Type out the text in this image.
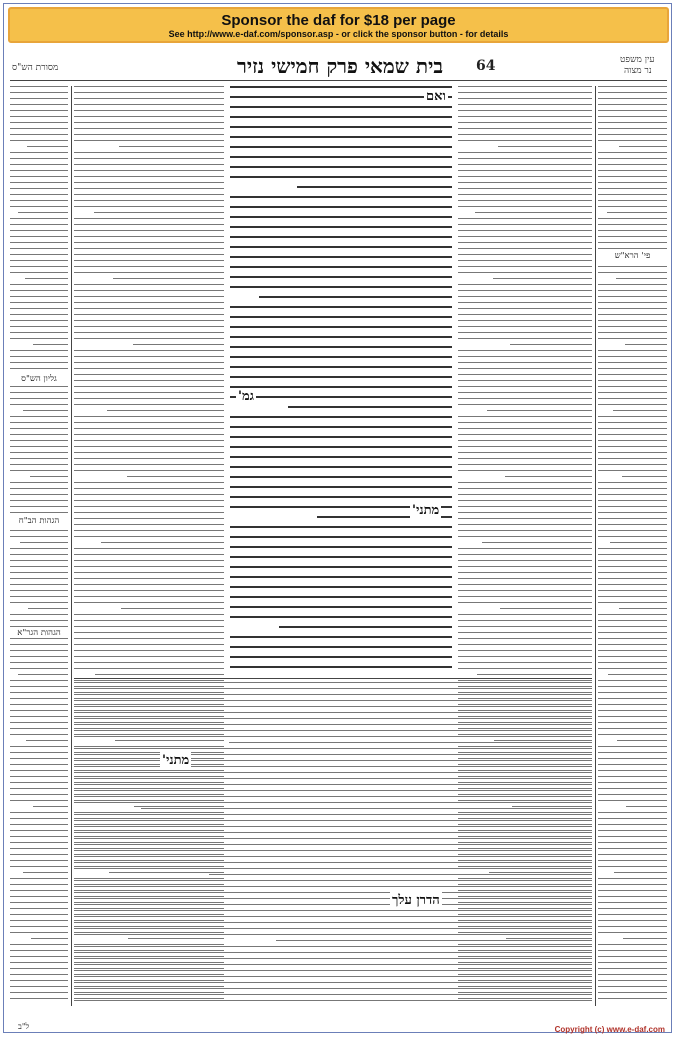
Sponsor the daf for $18 per page
See http://www.e-daf.com/sponsor.asp - or click the sponsor button - for details
מסורת הש"ס	בית שמאי פרק חמישי נזיר	64	עין משפט
נר מצוה
ואם
גמ'
מתני'
מתני'
הדרן עלך
פי' הרא"ש
גליון הש"ס
הגהות הב"ח
הגהות הגר"א
ל"ב	Copyright (c) www.e-daf.com
